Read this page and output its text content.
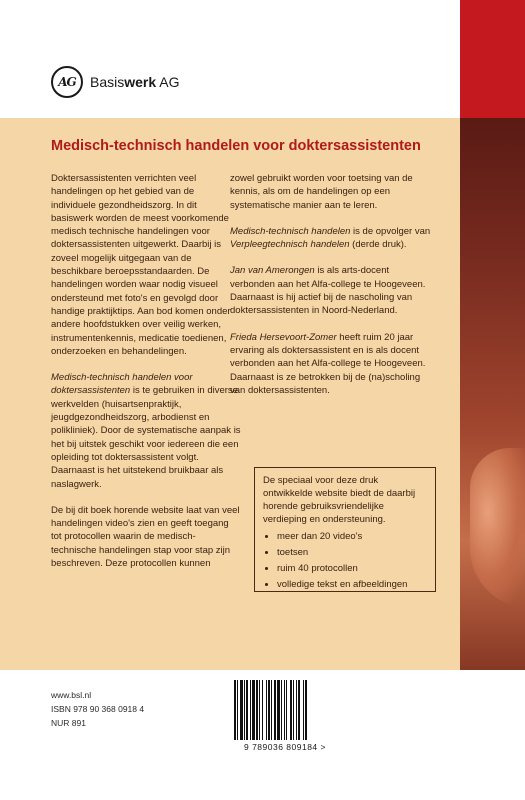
AG Basiswerk AG
Medisch-technisch handelen voor doktersassistenten

Doktersassistenten verrichten veel handelingen op het gebied van de individuele gezondheidszorg. In dit basiswerk worden de meest voorkomende medisch technische handelingen voor doktersassistenten uitgewerkt. Daarbij is zoveel mogelijk uitgegaan van de beschikbare beroepsstandaarden. De handelingen worden waar nodig visueel ondersteund met foto's en gevolgd door handige praktijktips. Aan bod komen onder andere hoofdstukken over veilig werken, instrumentenkennis, medicatie toedienen, onderzoeken en behandelingen.

Medisch-technisch handelen voor doktersassistenten is te gebruiken in diverse werkvelden (huisartsenpraktijk, jeugdgezondheidszorg, arbodienst en polikliniek). Door de systematische aanpak is het bij uitstek geschikt voor iedereen die een opleiding tot doktersassistent volgt. Daarnaast is het uitstekend bruikbaar als naslagwerk.

De bij dit boek horende website laat van veel handelingen video's zien en geeft toegang tot protocollen waarin de medisch-technische handelingen stap voor stap zijn beschreven. Deze protocollen kunnen

zowel gebruikt worden voor toetsing van de kennis, als om de handelingen op een systematische manier aan te leren.

Medisch-technisch handelen is de opvolger van Verpleegtechnisch handelen (derde druk).

Jan van Amerongen is als arts-docent verbonden aan het Alfa-college te Hoogeveen. Daarnaast is hij actief bij de nascholing van doktersassistenten in Noord-Nederland.

Frieda Hersevoort-Zomer heeft ruim 20 jaar ervaring als doktersassistent en is als docent verbonden aan het Alfa-college te Hoogeveen. Daarnaast is ze betrokken bij de (na)scholing van doktersassistenten.

De speciaal voor deze druk ontwikkelde website biedt de daarbij horende gebruiksvriendelijke verdieping en ondersteuning.
• meer dan 20 video's
• toetsen
• ruim 40 protocollen
• volledige tekst en afbeeldingen
www.bsl.nl
ISBN 978 90 368 0918 4
NUR 891
9 789036 809184 >
